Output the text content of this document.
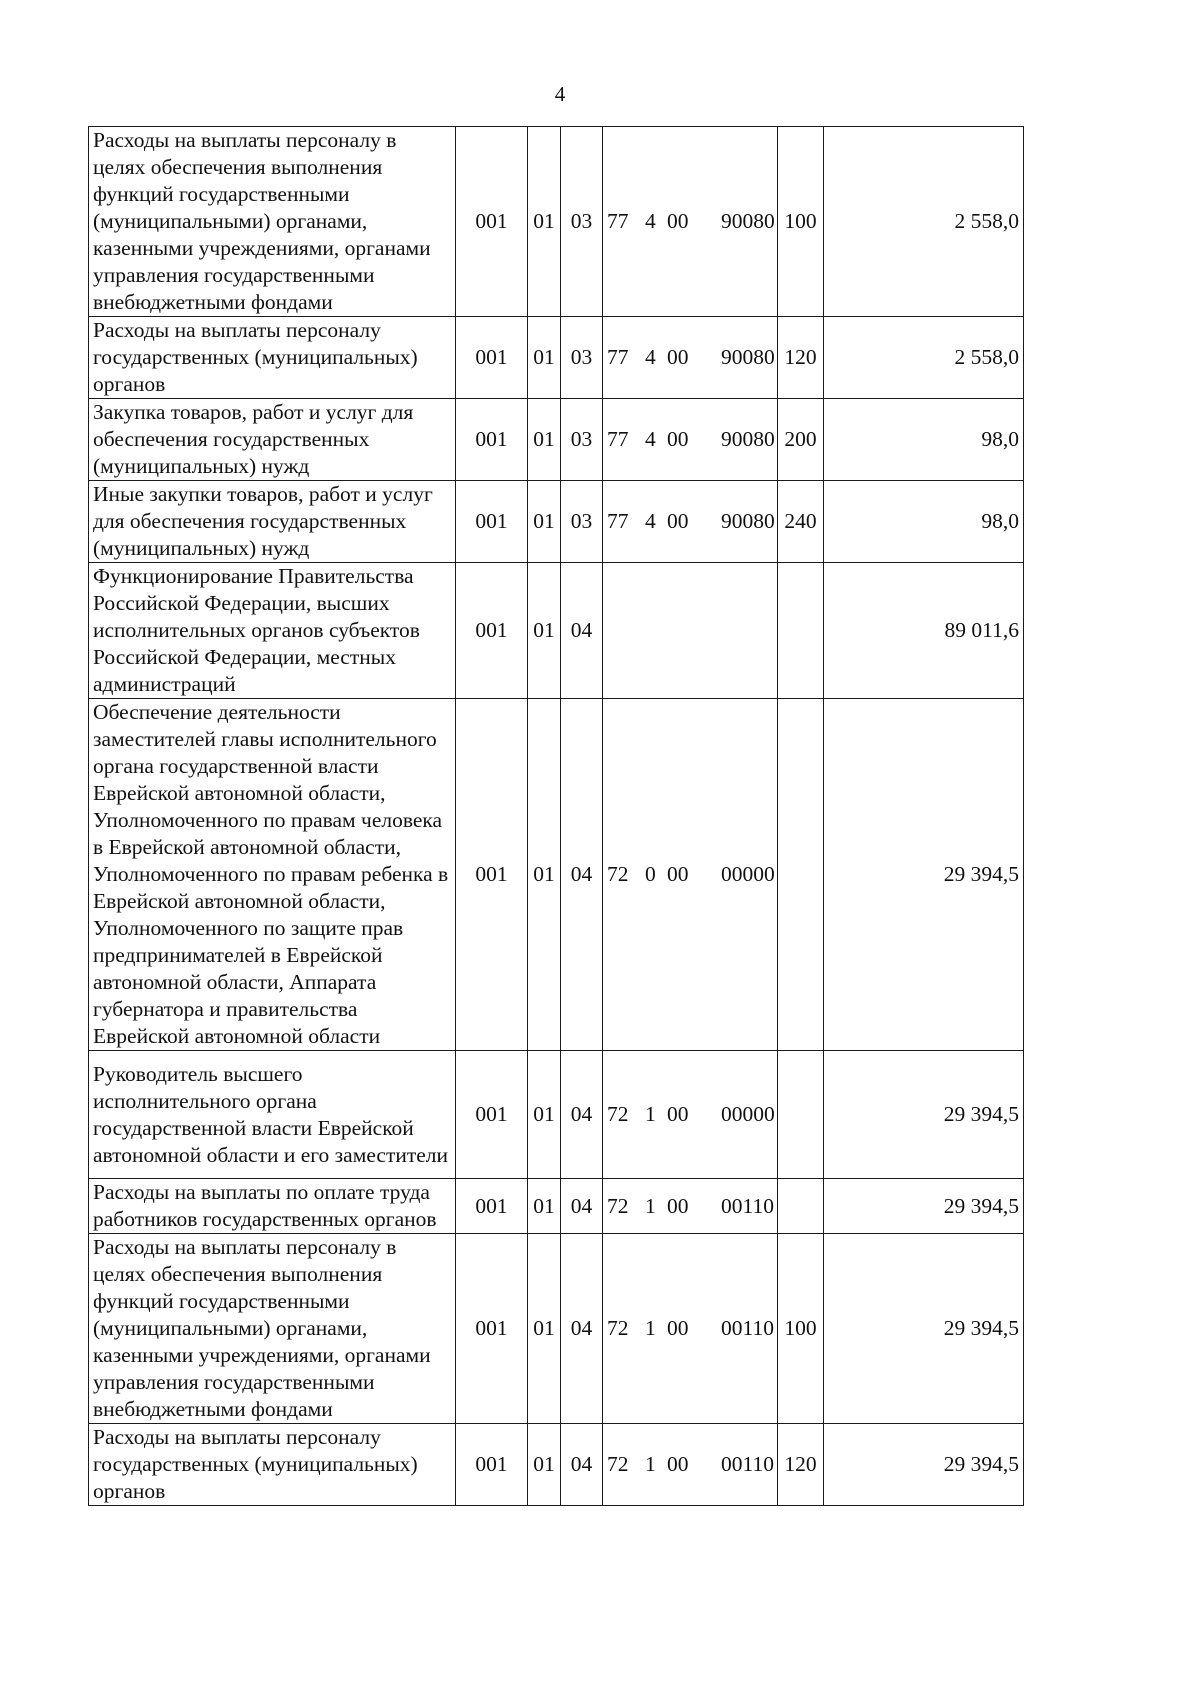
4
Расходы на выплаты персоналу в целях обеспечения выполнения функций государственными (муниципальными) органами, казенными учреждениями, органами управления государственными внебюджетными фондами	001	01	03	77 4 00 90080	100	2 558,0
Расходы на выплаты персоналу государственных (муниципальных) органов	001	01	03	77 4 00 90080	120	2 558,0
Закупка товаров, работ и услуг для обеспечения государственных (муниципальных) нужд	001	01	03	77 4 00 90080	200	98,0
Иные закупки товаров, работ и услуг для обеспечения государственных (муниципальных) нужд	001	01	03	77 4 00 90080	240	98,0
Функционирование Правительства Российской Федерации, высших исполнительных органов субъектов Российской Федерации, местных администраций	001	01	04			89 011,6
Обеспечение деятельности заместителей главы исполнительного органа государственной власти Еврейской автономной области, Уполномоченного по правам человека в Еврейской автономной области, Уполномоченного по правам ребенка в Еврейской автономной области, Уполномоченного по защите прав предпринимателей в Еврейской автономной области, Аппарата губернатора и правительства Еврейской автономной области	001	01	04	72 0 00 00000		29 394,5
Руководитель высшего исполнительного органа государственной власти Еврейской автономной области и его заместители	001	01	04	72 1 00 00000		29 394,5
Расходы на выплаты по оплате труда работников государственных органов	001	01	04	72 1 00 00110		29 394,5
Расходы на выплаты персоналу в целях обеспечения выполнения функций государственными (муниципальными) органами, казенными учреждениями, органами управления государственными внебюджетными фондами	001	01	04	72 1 00 00110	100	29 394,5
Расходы на выплаты персоналу государственных (муниципальных) органов	001	01	04	72 1 00 00110	120	29 394,5
